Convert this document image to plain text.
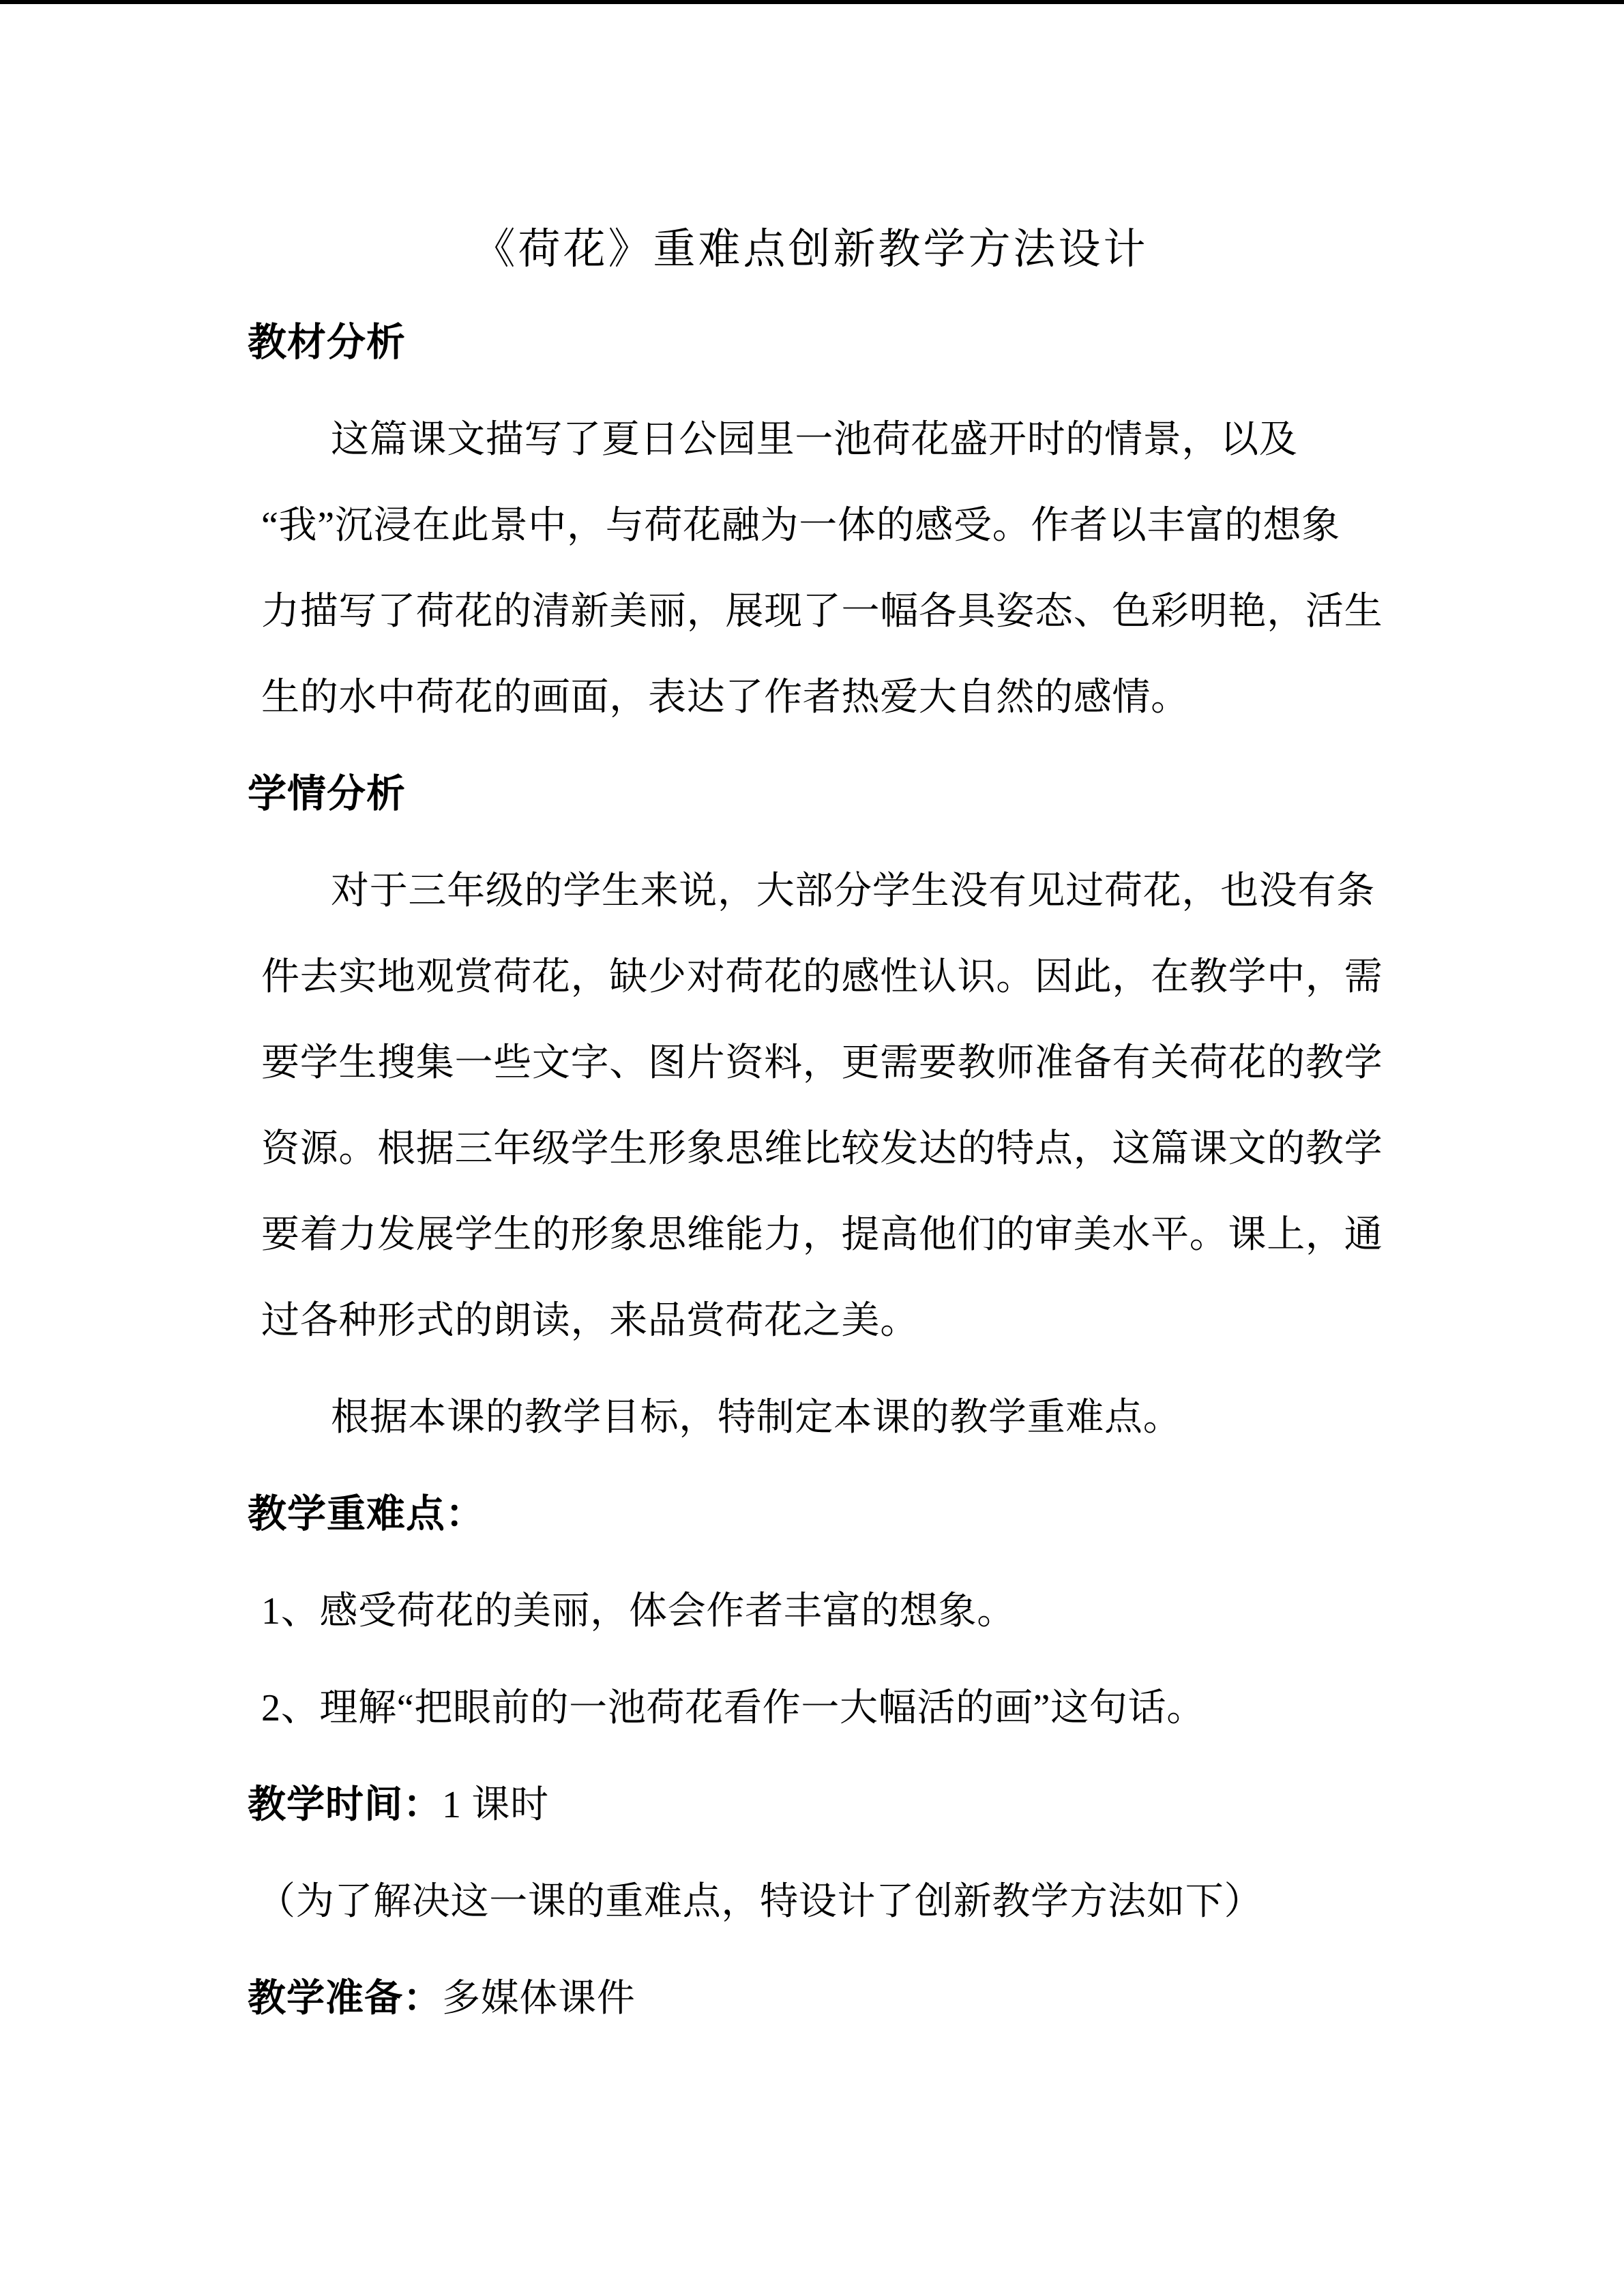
《荷花》重难点创新教学方法设计
教材分析

这篇课文描写了夏日公园里一池荷花盛开时的情景，以及

“我”沉浸在此景中，与荷花融为一体的感受。作者以丰富的想象

力描写了荷花的清新美丽，展现了一幅各具姿态、色彩明艳，活生

生的水中荷花的画面，表达了作者热爱大自然的感情。

学情分析

对于三年级的学生来说，大部分学生没有见过荷花，也没有条

件去实地观赏荷花，缺少对荷花的感性认识。因此，在教学中，需

要学生搜集一些文字、图片资料，更需要教师准备有关荷花的教学

资源。根据三年级学生形象思维比较发达的特点，这篇课文的教学

要着力发展学生的形象思维能力，提高他们的审美水平。课上，通

过各种形式的朗读，来品赏荷花之美。

根据本课的教学目标，特制定本课的教学重难点。

教学重难点：

1、感受荷花的美丽，体会作者丰富的想象。

2、理解“把眼前的一池荷花看作一大幅活的画”这句话。

教学时间：1 课时

（为了解决这一课的重难点，特设计了创新教学方法如下）

教学准备：多媒体课件
